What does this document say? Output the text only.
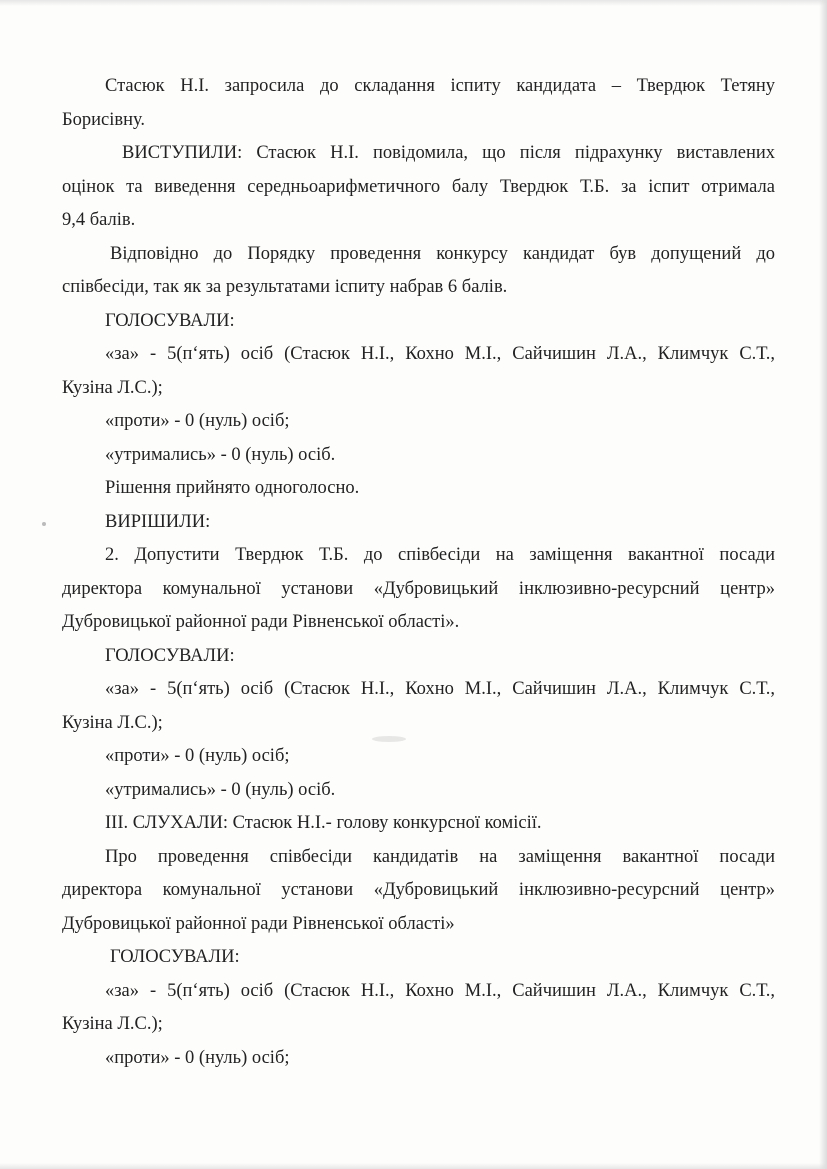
Стасюк Н.І. запросила до складання іспиту кандидата – Твердюк Тетяну
Борисівну.
ВИСТУПИЛИ: Стасюк Н.І. повідомила, що після підрахунку виставлених
оцінок та виведення середньоарифметичного балу Твердюк Т.Б. за іспит отримала
9,4 балів.
Відповідно до Порядку проведення конкурсу кандидат був допущений до
співбесіди, так як за результатами іспиту набрав 6 балів.
ГОЛОСУВАЛИ:
«за» - 5(п‘ять) осіб (Стасюк Н.І., Кохно М.І., Сайчишин Л.А., Климчук С.Т.,
Кузіна Л.С.);
«проти» - 0 (нуль) осіб;
«утримались» - 0 (нуль) осіб.
Рішення прийнято одноголосно.
ВИРІШИЛИ:
2. Допустити Твердюк Т.Б. до співбесіди на заміщення вакантної посади
директора комунальної установи «Дубровицький інклюзивно-ресурсний центр»
Дубровицької районної ради Рівненської області».
ГОЛОСУВАЛИ:
«за» - 5(п‘ять) осіб (Стасюк Н.І., Кохно М.І., Сайчишин Л.А., Климчук С.Т.,
Кузіна Л.С.);
«проти» - 0 (нуль) осіб;
«утримались» - 0 (нуль) осіб.
ІІІ. СЛУХАЛИ: Стасюк Н.І.- голову конкурсної комісії.
Про проведення співбесіди кандидатів на заміщення вакантної посади
директора комунальної установи «Дубровицький інклюзивно-ресурсний центр»
Дубровицької районної ради Рівненської області»
ГОЛОСУВАЛИ:
«за» - 5(п‘ять) осіб (Стасюк Н.І., Кохно М.І., Сайчишин Л.А., Климчук С.Т.,
Кузіна Л.С.);
«проти» - 0 (нуль) осіб;
